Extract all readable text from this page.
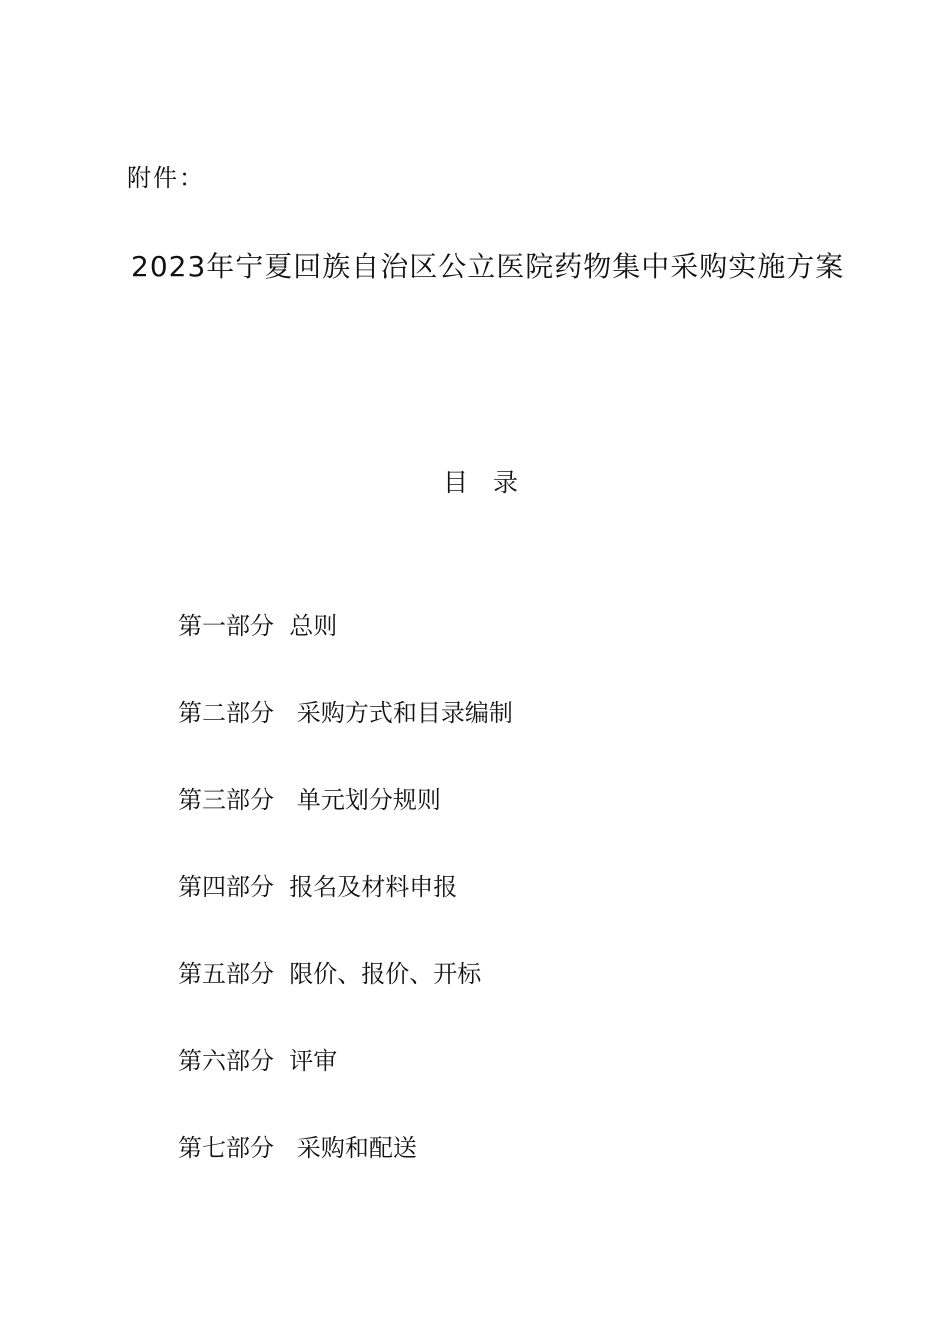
附件：
2023年宁夏回族自治区公立医院药物集中采购实施方案
目　录
第一部分
总则
第二部分
采购方式和目录编制
第三部分
单元划分规则
第四部分
报名及材料申报
第五部分
限价、报价、开标
第六部分
评审
第七部分
采购和配送
